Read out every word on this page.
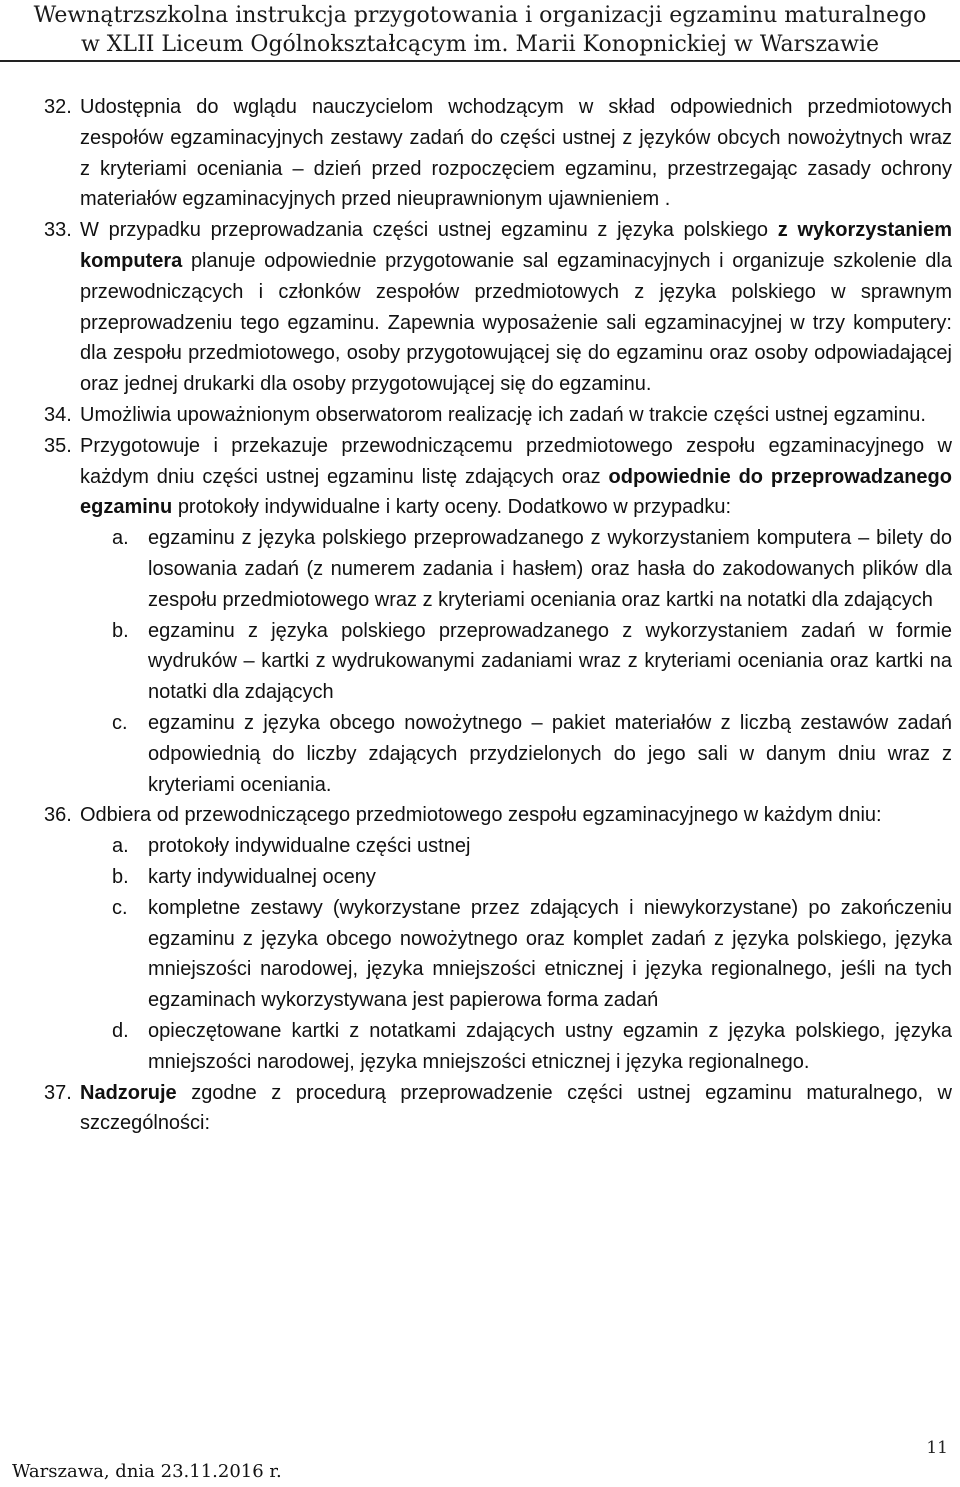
Wewnątrzszkolna instrukcja przygotowania i organizacji egzaminu maturalnego
w XLII Liceum Ogólnokształcącym im. Marii Konopnickiej w Warszawie
32. Udostępnia do wglądu nauczycielom wchodzącym w skład odpowiednich przedmiotowych zespołów egzaminacyjnych zestawy zadań do części ustnej z języków obcych nowożytnych wraz z kryteriami oceniania – dzień przed rozpoczęciem egzaminu, przestrzegając zasady ochrony materiałów egzaminacyjnych przed nieuprawnionym ujawnieniem .
33. W przypadku przeprowadzania części ustnej egzaminu z języka polskiego z wykorzystaniem komputera planuje odpowiednie przygotowanie sal egzaminacyjnych i organizuje szkolenie dla przewodniczących i członków zespołów przedmiotowych z języka polskiego w sprawnym przeprowadzeniu tego egzaminu. Zapewnia wyposażenie sali egzaminacyjnej w trzy komputery: dla zespołu przedmiotowego, osoby przygotowującej się do egzaminu oraz osoby odpowiadającej oraz jednej drukarki dla osoby przygotowującej się do egzaminu.
34. Umożliwia upoważnionym obserwatorom realizację ich zadań w trakcie części ustnej egzaminu.
35. Przygotowuje i przekazuje przewodniczącemu przedmiotowego zespołu egzaminacyjnego w każdym dniu części ustnej egzaminu listę zdających oraz odpowiednie do przeprowadzanego egzaminu protokoły indywidualne i karty oceny. Dodatkowo w przypadku:
a. egzaminu z języka polskiego przeprowadzanego z wykorzystaniem komputera – bilety do losowania zadań (z numerem zadania i hasłem) oraz hasła do zakodowanych plików dla zespołu przedmiotowego wraz z kryteriami oceniania oraz kartki na notatki dla zdających
b. egzaminu z języka polskiego przeprowadzanego z wykorzystaniem zadań w formie wydruków – kartki z wydrukowanymi zadaniami wraz z kryteriami oceniania oraz kartki na notatki dla zdających
c.	egzaminu z języka obcego nowożytnego – pakiet materiałów z liczbą zestawów zadań odpowiednią do liczby zdających przydzielonych do jego sali w danym dniu wraz z kryteriami oceniania.
36. Odbiera od przewodniczącego przedmiotowego zespołu egzaminacyjnego w każdym dniu:
a. protokoły indywidualne części ustnej
b. karty indywidualnej oceny
c.	kompletne zestawy (wykorzystane przez zdających i niewykorzystane) po zakończeniu egzaminu z języka obcego nowożytnego oraz komplet zadań z języka polskiego, języka mniejszości narodowej, języka mniejszości etnicznej i języka regionalnego, jeśli na tych egzaminach wykorzystywana jest papierowa forma zadań
d. opieczętowane kartki z notatkami zdających ustny egzamin z języka polskiego, języka mniejszości narodowej, języka mniejszości etnicznej i języka regionalnego.
37. Nadzoruje zgodne z procedurą przeprowadzenie części ustnej egzaminu maturalnego, w szczególności:
11
Warszawa, dnia 23.11.2016 r.
